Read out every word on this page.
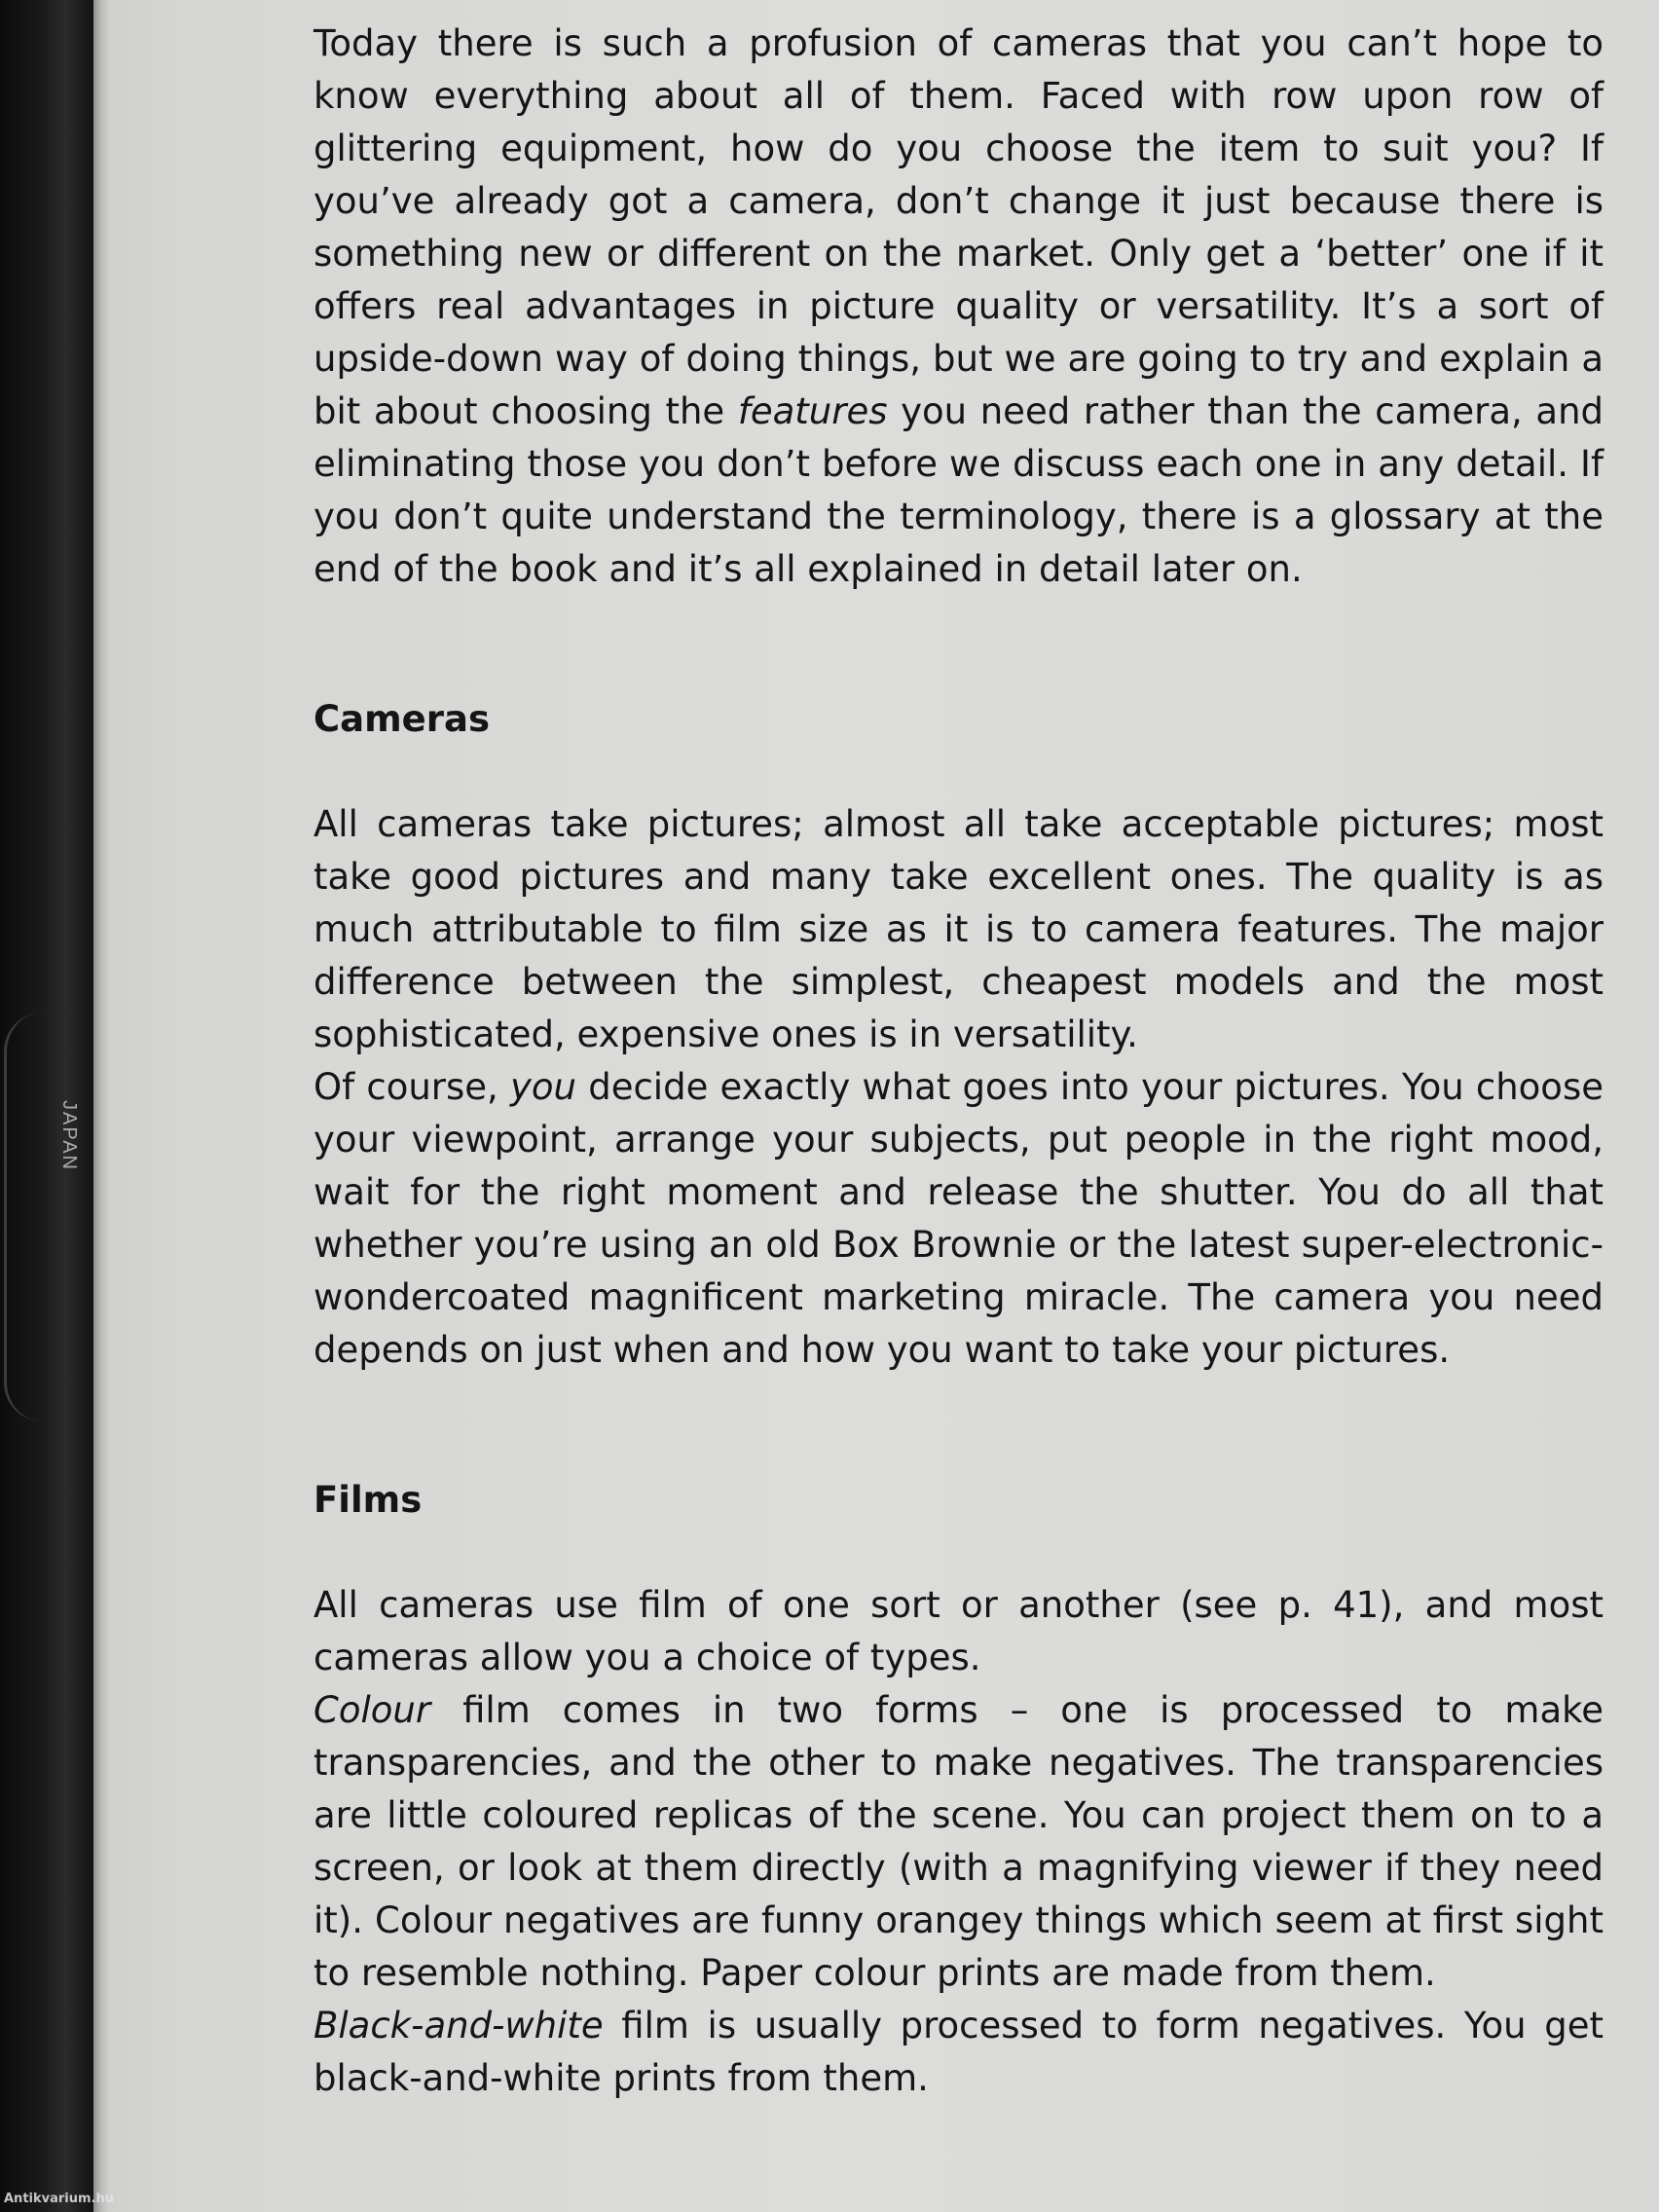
JAPAN

Today there is such a profusion of cameras that you can’t hope to know everything about all of them. Faced with row upon row of glittering equipment, how do you choose the item to suit you? If you’ve already got a camera, don’t change it just because there is something new or different on the market. Only get a ‘better’ one if it offers real advantages in picture quality or versatility. It’s a sort of upside-down way of doing things, but we are going to try and explain a bit about choosing the features you need rather than the camera, and eliminating those you don’t before we discuss each one in any detail. If you don’t quite understand the terminology, there is a glossary at the end of the book and it’s all explained in detail later on.

Cameras

All cameras take pictures; almost all take acceptable pictures; most take good pictures and many take excellent ones. The quality is as much attributable to film size as it is to camera features. The major difference between the simplest, cheapest models and the most sophisticated, expensive ones is in versatility.

Of course, you decide exactly what goes into your pictures. You choose your viewpoint, arrange your subjects, put people in the right mood, wait for the right moment and release the shutter. You do all that whether you’re using an old Box Brownie or the latest super-electronic-wondercoated magnificent marketing miracle. The camera you need depends on just when and how you want to take your pictures.

Films

All cameras use film of one sort or another (see p. 41), and most cameras allow you a choice of types.

Colour film comes in two forms – one is processed to make transparencies, and the other to make negatives. The transparencies are little coloured replicas of the scene. You can project them on to a screen, or look at them directly (with a magnifying viewer if they need it). Colour negatives are funny orangey things which seem at first sight to resemble nothing. Paper colour prints are made from them.

Black-and-white film is usually processed to form negatives. You get black-and-white prints from them.

Antikvarium.hu
